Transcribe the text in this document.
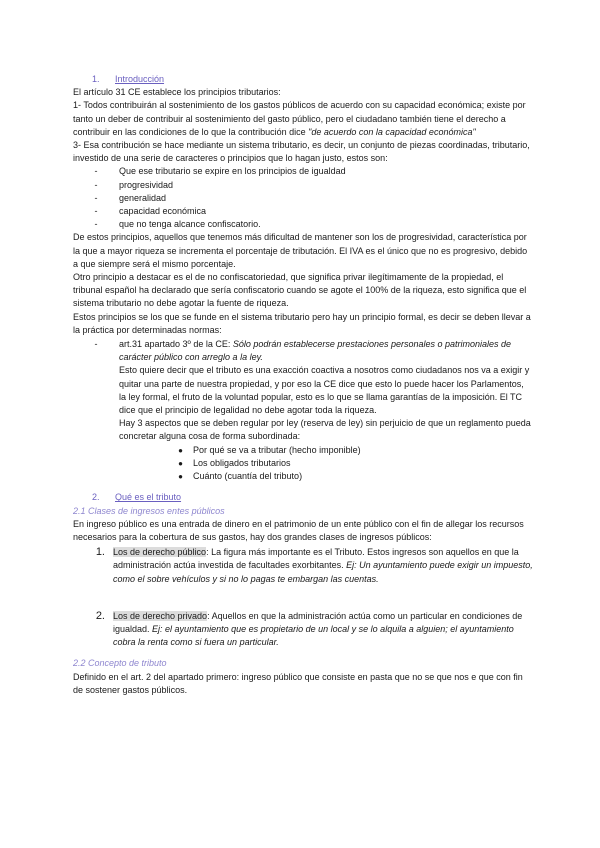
1. Introducción

El artículo 31 CE establece los principios tributarios:

1- Todos contribuirán al sostenimiento de los gastos públicos de acuerdo con su capacidad económica; existe por tanto un deber de contribuir al sostenimiento del gasto público, pero el ciudadano también tiene el derecho a contribuir en las condiciones de lo que la contribución dice "de acuerdo con la capacidad económica"

3- Esa contribución se hace mediante un sistema tributario, es decir, un conjunto de piezas coordinadas, tributario, investido de una serie de caracteres o principios que lo hagan justo, estos son:

-	Que ese tributario se expire en los principios de igualdad
-	progresividad
-	generalidad
-	capacidad económica
-	que no tenga alcance confiscatorio.

De estos principios, aquellos que tenemos más dificultad de mantener son los de progresividad, característica por la que a mayor riqueza se incrementa el porcentaje de tributación. El IVA es el único que no es progresivo, debido a que siempre será el mismo porcentaje.

Otro principio a destacar es el de no confiscatoriedad, que significa privar ilegítimamente de la propiedad, el tribunal español ha declarado que sería confiscatorio cuando se agote el 100% de la riqueza, esto significa que el sistema tributario no debe agotar la fuente de riqueza.

Estos principios se los que se funde en el sistema tributario pero hay un principio formal, es decir se deben llevar a la práctica por determinadas normas:

-	art.31 apartado 3º de la CE: Sólo podrán establecerse prestaciones personales o patrimoniales de carácter público con arreglo a la ley.

Esto quiere decir que el tributo es una exacción coactiva a nosotros como ciudadanos nos va a exigir y quitar una parte de nuestra propiedad, y por eso la CE dice que esto lo puede hacer los Parlamentos, la ley formal, el fruto de la voluntad popular, esto es lo que se llama garantías de la imposición. El TC dice que el principio de legalidad no debe agotar toda la riqueza.

Hay 3 aspectos que se deben regular por ley (reserva de ley) sin perjuicio de que un reglamento pueda concretar alguna cosa de forma subordinada:

●	Por qué se va a tributar (hecho imponible)
●	Los obligados tributarios
●	Cuánto (cuantía del tributo)

2. Qué es el tributo

2.1 Clases de ingresos entes públicos

En ingreso público es una entrada de dinero en el patrimonio de un ente público con el fin de allegar los recursos necesarios para la cobertura de sus gastos, hay dos grandes clases de ingresos públicos:

1. Los de derecho público: La figura más importante es el Tributo. Estos ingresos son aquellos en que la administración actúa investida de facultades exorbitantes. Ej: Un ayuntamiento puede exigir un impuesto, como el sobre vehículos y si no lo pagas te embargan las cuentas.

2. Los de derecho privado: Aquellos en que la administración actúa como un particular en condiciones de igualdad. Ej: el ayuntamiento que es propietario de un local y se lo alquila a alguien; el ayuntamiento cobra la renta como si fuera un particular.

2.2 Concepto de tributo

Definido en el art. 2 del apartado primero: ingreso público que consiste en pasta que no se que nos e que con fin de sostener gastos públicos.
